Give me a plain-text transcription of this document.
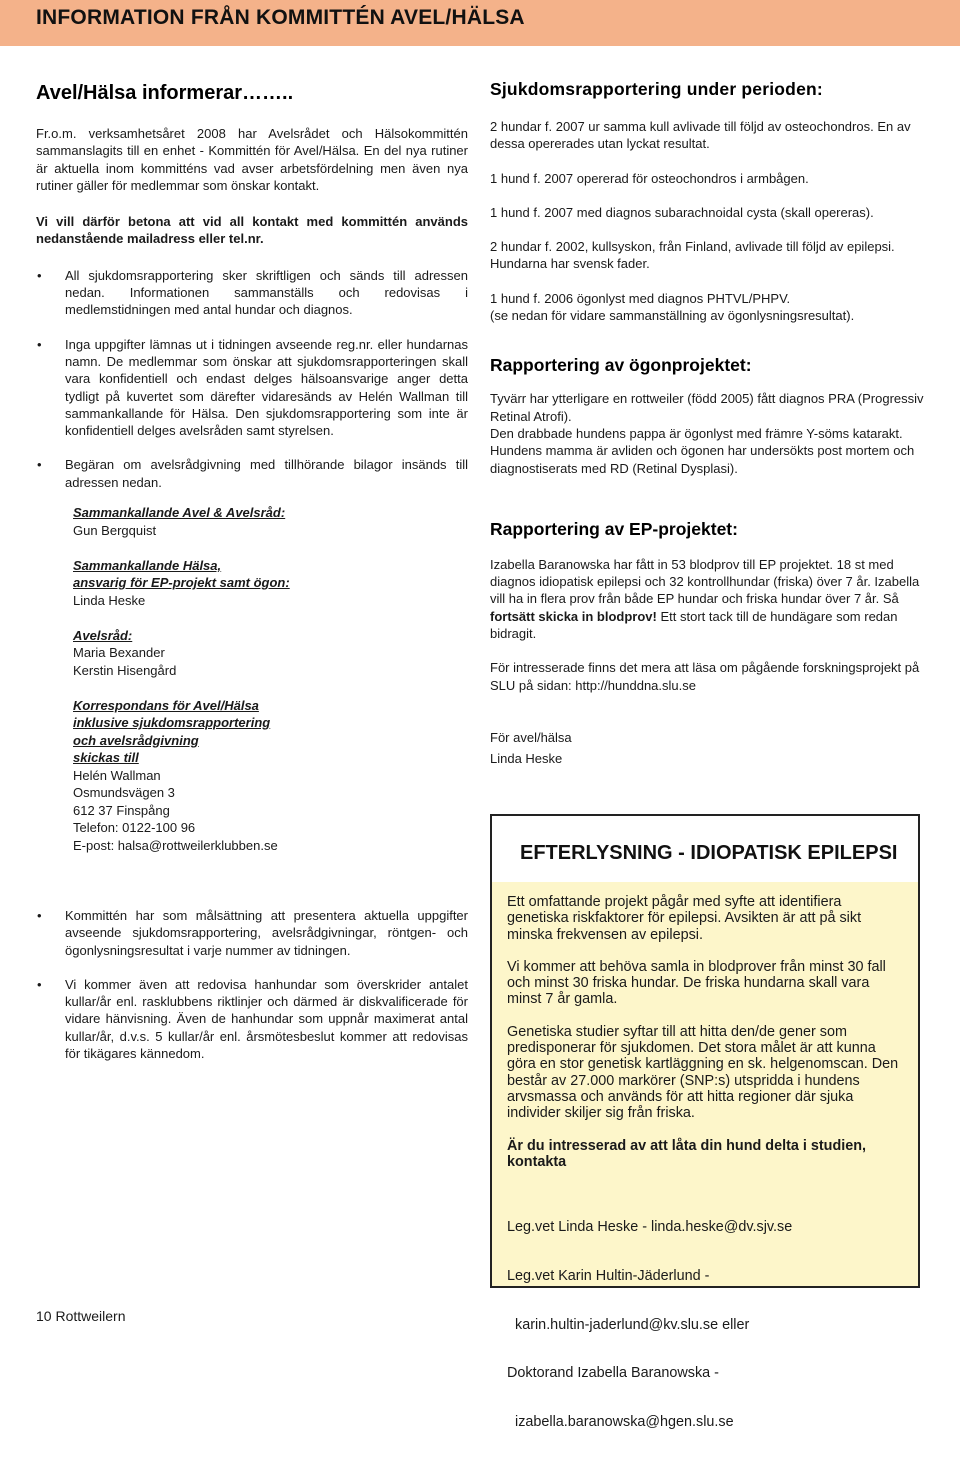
INFORMATION FRÅN KOMMITTÉN AVEL/HÄLSA
Avel/Hälsa informerar……..

Fr.o.m. verksamhetsåret 2008 har Avelsrådet och Hälsokommittén sammanslagits till en enhet - Kommittén för Avel/Hälsa. En del nya rutiner är aktuella inom kommitténs vad avser arbetsfördelning men även nya rutiner gäller för medlemmar som önskar kontakt.

Vi vill därför betona att vid all kontakt med kommittén används nedanstående mailadress eller tel.nr.

• All sjukdomsrapportering sker skriftligen och sänds till adressen nedan. Informationen sammanställs och redovisas i medlemstidningen med antal hundar och diagnos.
• Inga uppgifter lämnas ut i tidningen avseende reg.nr. eller hundarnas namn. De medlemmar som önskar att sjukdomsrapporteringen skall vara konfidentiell och endast delges hälsoansvarige anger detta tydligt på kuvertet som därefter vidaresänds av Helén Wallman till sammankallande för Hälsa. Den sjukdomsrapportering som inte är konfidentiell delges avelsråden samt styrelsen.
• Begäran om avelsrådgivning med tillhörande bilagor insänds till adressen nedan.
Sammankallande Avel & Avelsråd:
Gun Bergquist
Sammankallande Hälsa,
ansvarig för EP-projekt samt ögon:
Linda Heske
Avelsråd:
Maria Bexander
Kerstin Hisengård
Korrespondans för Avel/Hälsa
inklusive sjukdomsrapportering
och avelsrådgivning
skickas till
Helén Wallman
Osmundsvägen 3
612 37 Finspång
Telefon: 0122-100 96
E-post: halsa@rottweilerklubben.se
• Kommittén har som målsättning att presentera aktuella uppgifter avseende sjukdomsrapportering, avelsrådgivningar, röntgen- och ögonlysningsresultat i varje nummer av tidningen.
• Vi kommer även att redovisa hanhundar som överskrider antalet kullar/år enl. rasklubbens riktlinjer och därmed är diskvalificerade för vidare hänvisning. Även de hanhundar som uppnår maximerat antal kullar/år, d.v.s. 5 kullar/år enl. årsmötesbeslut kommer att redovisas för tikägares kännedom.
Sjukdomsrapportering under perioden:

2 hundar f. 2007 ur samma kull avlivade till följd av osteochondros. En av dessa opererades utan lyckat resultat.

1 hund f. 2007 opererad för osteochondros i armbågen.

1 hund f. 2007 med diagnos subarachnoidal cysta (skall opereras).

2 hundar f. 2002, kullsyskon, från Finland, avlivade till följd av epilepsi. Hundarna har svensk fader.

1 hund f. 2006 ögonlyst med diagnos PHTVL/PHPV.
(se nedan för vidare sammanställning av ögonlysningsresultat).

Rapportering av ögonprojektet:

Tyvärr har ytterligare en rottweiler (född 2005) fått diagnos PRA (Progressiv Retinal Atrofi).
Den drabbade hundens pappa är ögonlyst med främre Y-söms katarakt. Hundens mamma är avliden och ögonen har undersökts post mortem och diagnostiserats med RD (Retinal Dysplasi).

Rapportering av EP-projektet:

Izabella Baranowska har fått in 53 blodprov till EP projektet. 18 st med diagnos idiopatisk epilepsi och 32 kontrollhundar (friska) över 7 år. Izabella vill ha in flera prov från både EP hundar och friska hundar över 7 år. Så fortsätt skicka in blodprov! Ett stort tack till de hundägare som redan bidragit.

För intresserade finns det mera att läsa om pågående forskningsprojekt på SLU på sidan: http://hunddna.slu.se

För avel/hälsa

Linda Heske

EFTERLYSNING - IDIOPATISK EPILEPSI

Ett omfattande projekt pågår med syfte att identifiera genetiska riskfaktorer för epilepsi. Avsikten är att på sikt minska frekvensen av epilepsi.

Vi kommer att behöva samla in blodprover från minst 30 fall och minst 30 friska hundar. De friska hundarna skall vara minst 7 år gamla.

Genetiska studier syftar till att hitta den/de gener som predisponerar för sjukdomen. Det stora målet är att kunna göra en stor genetisk kartläggning en sk. helgenomscan. Den består av 27.000 markörer (SNP:s) utspridda i hundens arvsmassa och används för att hitta regioner där sjuka individer skiljer sig från friska.

Är du intresserad av att låta din hund delta i studien, kontakta

Leg.vet Linda Heske - linda.heske@dv.sjv.se

Leg.vet Karin Hultin-Jäderlund -

karin.hultin-jaderlund@kv.slu.se eller

Doktorand Izabella Baranowska -

izabella.baranowska@hgen.slu.se

10 Rottweilern
